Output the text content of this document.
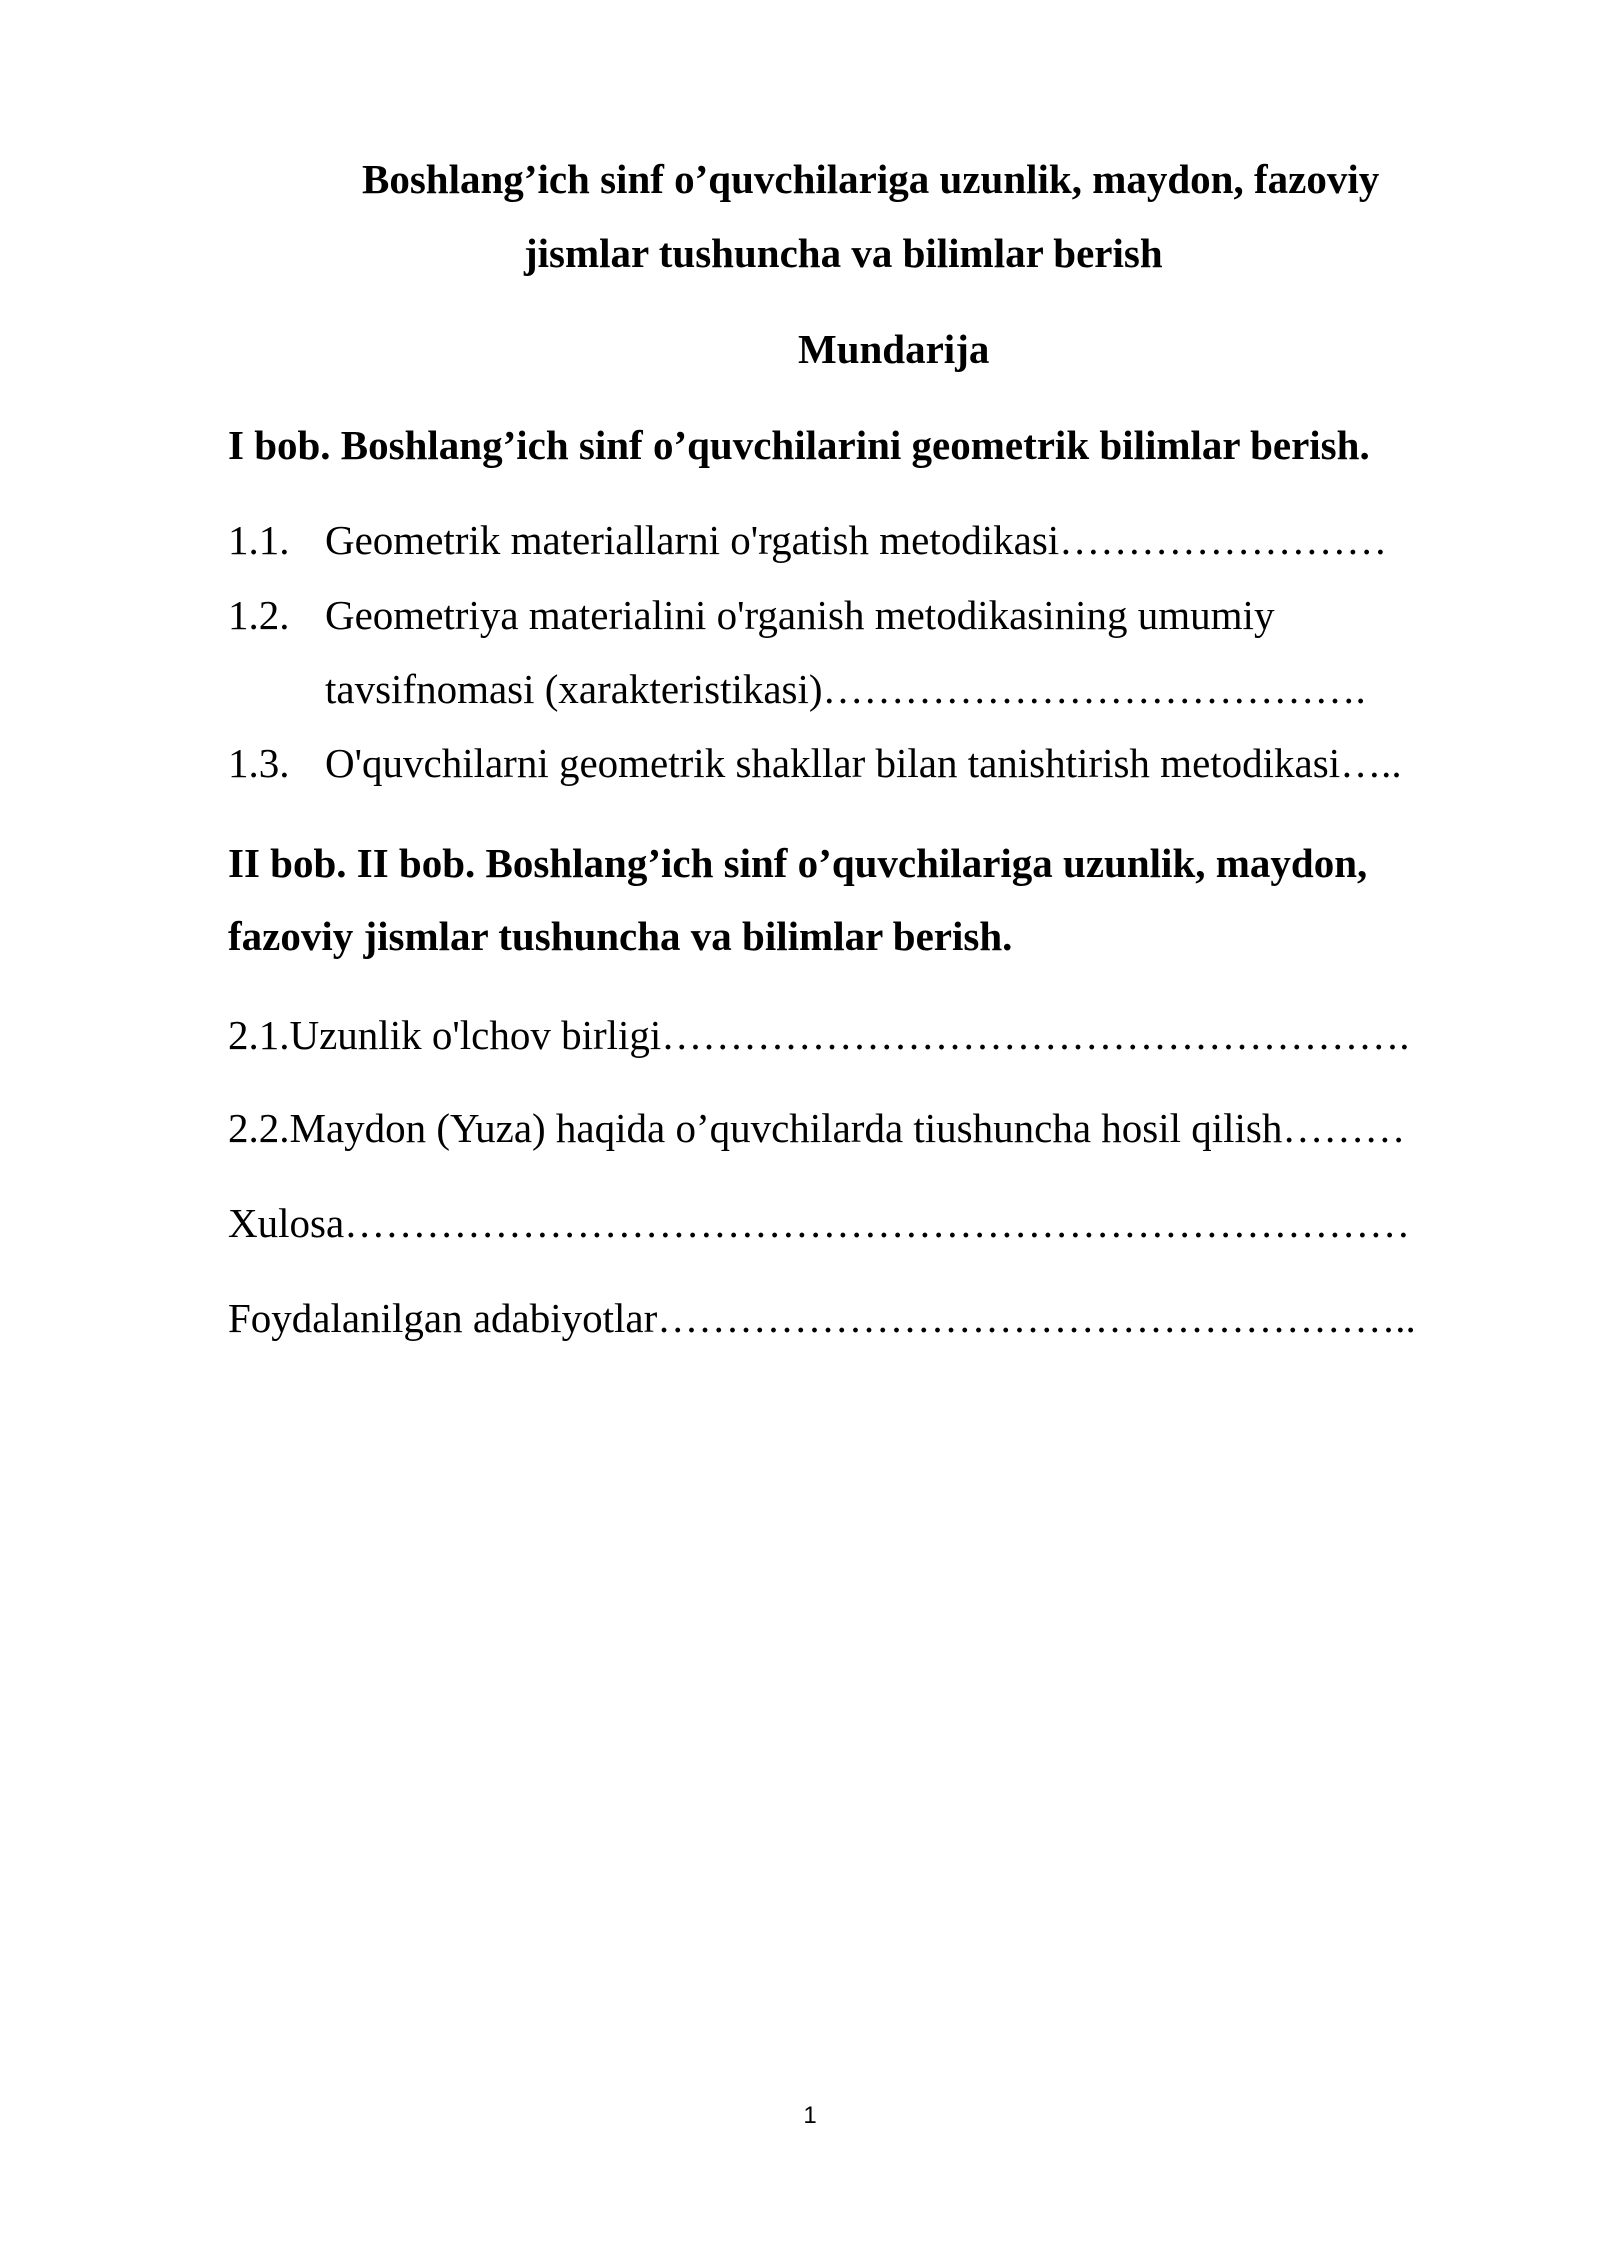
Boshlang’ich sinf o’quvchilariga uzunlik, maydon, fazoviy
jismlar tushuncha va bilimlar berish
Mundarija
I bob. Boshlang’ich sinf o’quvchilarini geometrik bilimlar berish.
1.1. Geometrik materiallarni o'rgatish metodikasi……………………
1.2. Geometriya materialini o'rganish metodikasining umumiy
tavsifnomasi (xarakteristikasi)………………………………….
1.3. O'quvchilarni geometrik shakllar bilan tanishtirish metodikasi…..
II bob. II bob. Boshlang’ich sinf o’quvchilariga uzunlik, maydon,
fazoviy jismlar tushuncha va bilimlar berish.
2.1.Uzunlik o'lchov birligi……………………………………………….
2.2.Maydon (Yuza) haqida o’quvchilarda tiushuncha hosil qilish………
Xulosa……………………………………………………………………
Foydalanilgan adabiyotlar………………………………………………..
1
